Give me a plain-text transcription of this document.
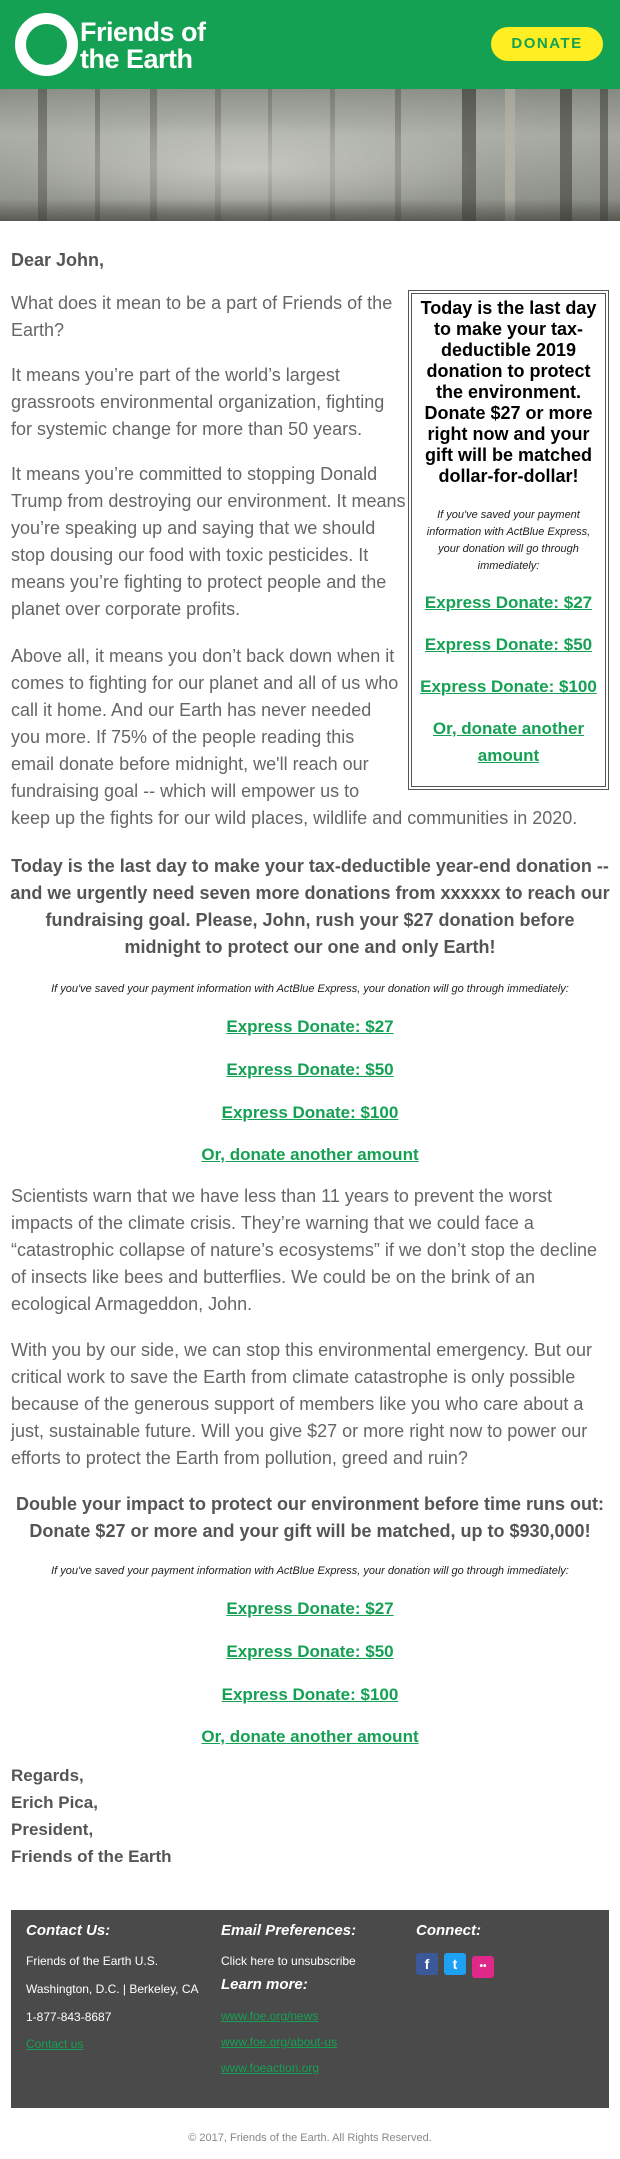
Friends of the Earth
DONATE
Dear John,
What does it mean to be a part of Friends of the Earth?
It means you’re part of the world’s largest grassroots environmental organization, fighting for systemic change for more than 50 years.
It means you’re committed to stopping Donald Trump from destroying our environment. It means you’re speaking up and saying that we should stop dousing our food with toxic pesticides. It means you’re fighting to protect people and the planet over corporate profits.
Above all, it means you don’t back down when it comes to fighting for our planet and all of us who call it home. And our Earth has never needed you more. If 75% of the people reading this email donate before midnight, we'll reach our fundraising goal -- which will empower us to keep up the fights for our wild places, wildlife and communities in 2020.
Today is the last day to make your tax-deductible 2019 donation to protect the environment. Donate $27 or more right now and your gift will be matched dollar-for-dollar!
If you've saved your payment information with ActBlue Express, your donation will go through immediately:
Express Donate: $27
Express Donate: $50
Express Donate: $100
Or, donate another amount
Today is the last day to make your tax-deductible year-end donation -- and we urgently need seven more donations from xxxxxx to reach our fundraising goal. Please, John, rush your $27 donation before midnight to protect our one and only Earth!
If you've saved your payment information with ActBlue Express, your donation will go through immediately:
Express Donate: $27
Express Donate: $50
Express Donate: $100
Or, donate another amount
Scientists warn that we have less than 11 years to prevent the worst impacts of the climate crisis. They’re warning that we could face a “catastrophic collapse of nature’s ecosystems” if we don’t stop the decline of insects like bees and butterflies. We could be on the brink of an ecological Armageddon, John.
With you by our side, we can stop this environmental emergency. But our critical work to save the Earth from climate catastrophe is only possible because of the generous support of members like you who care about a just, sustainable future. Will you give $27 or more right now to power our efforts to protect the Earth from pollution, greed and ruin?
Double your impact to protect our environment before time runs out: Donate $27 or more and your gift will be matched, up to $930,000!
If you've saved your payment information with ActBlue Express, your donation will go through immediately:
Express Donate: $27
Express Donate: $50
Express Donate: $100
Or, donate another amount
Regards,
Erich Pica,
President,
Friends of the Earth
Contact Us:
Friends of the Earth U.S.
Washington, D.C. | Berkeley, CA
1-877-843-8687
Contact us
Email Preferences:
Click here to unsubscribe
Learn more:
www.foe.org/news
www.foe.org/about-us
www.foeaction.org
Connect:
f t ••
© 2017, Friends of the Earth. All Rights Reserved.
